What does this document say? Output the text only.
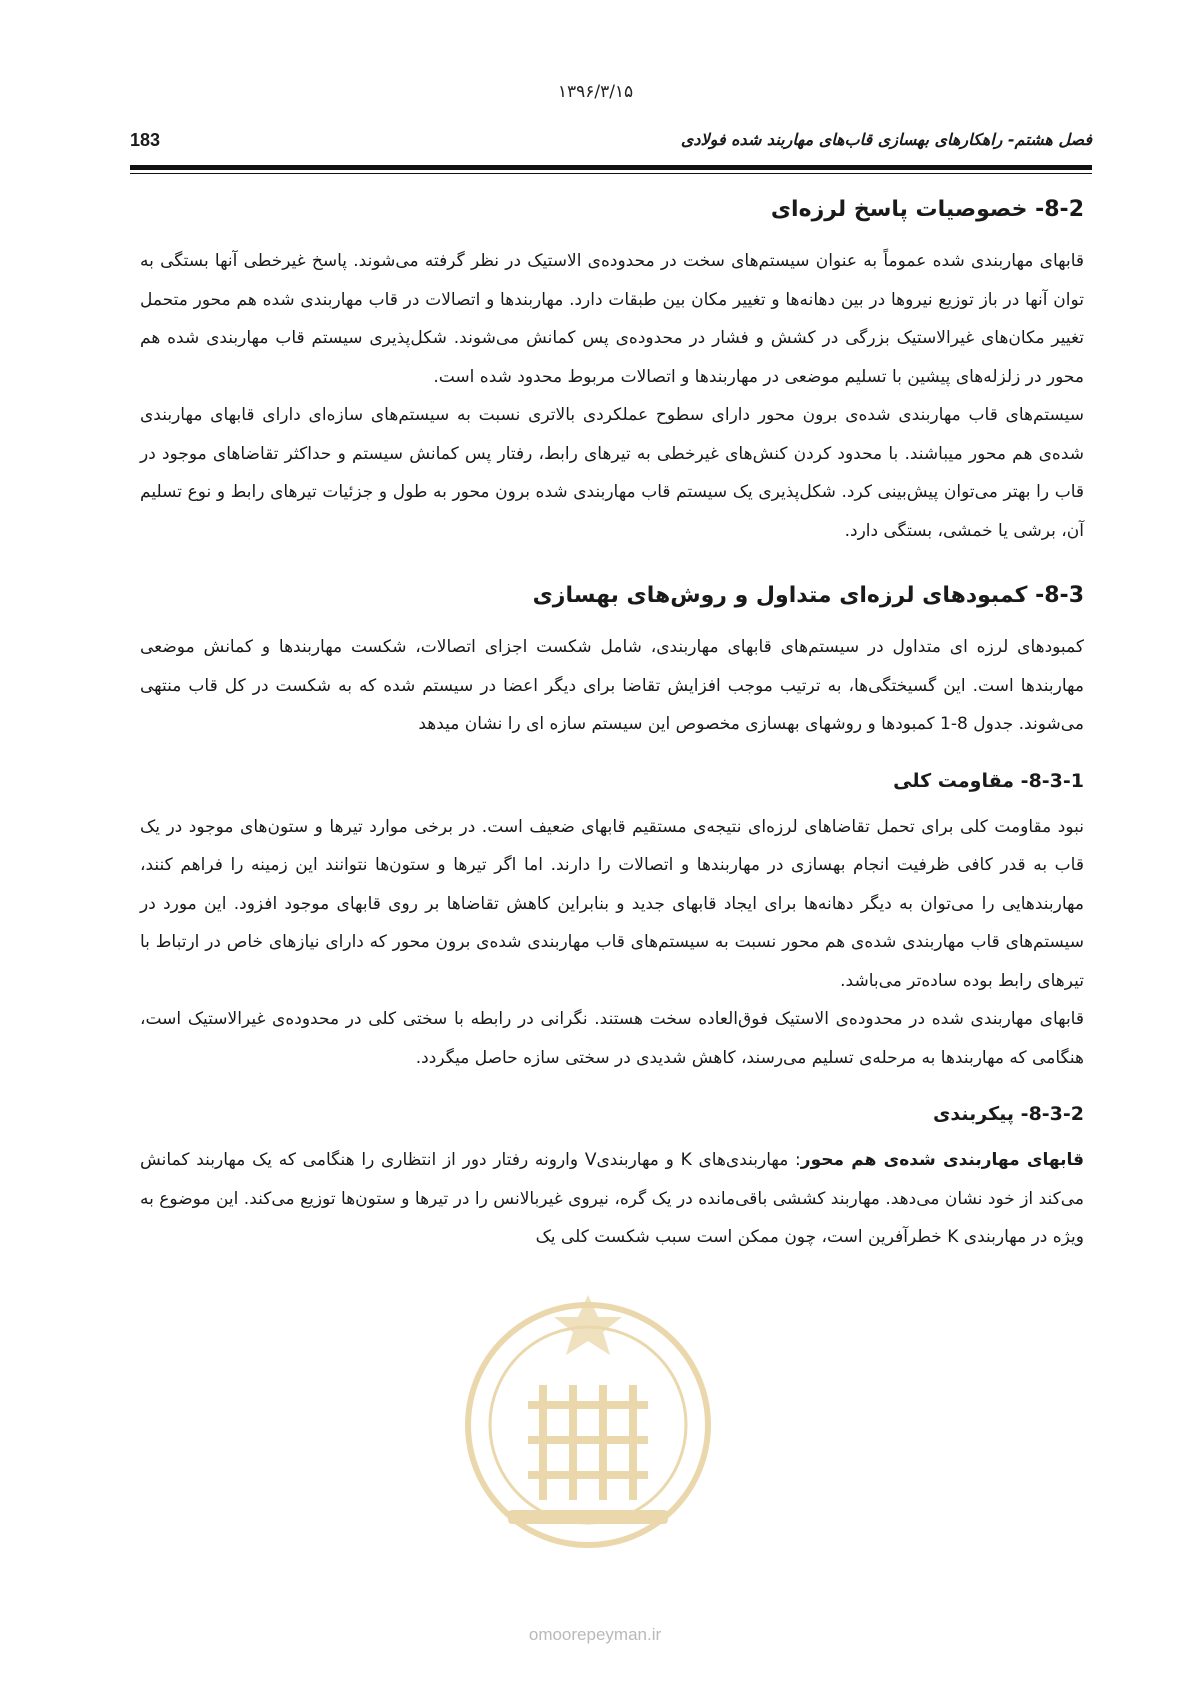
۱۳۹۶/۳/۱۵
183	فصل هشتم- راهکارهای بهسازی قاب‌های مهاربند شده فولادی
8-2- خصوصیات پاسخ لرزه‌ای

قابهای مهاربندی شده عموماً به عنوان سیستم‌های سخت در محدوده‌ی الاستیک در نظر گرفته می‌شوند. پاسخ غیرخطی آنها بستگی به توان آنها در باز توزیع نیروها در بین دهانه‌ها و تغییر مکان بین طبقات دارد. مهاربندها و اتصالات در قاب مهاربندی شده هم محور متحمل تغییر مکان‌های غیرالاستیک بزرگی در کشش و فشار در محدوده‌ی پس کمانش می‌شوند. شکل‌پذیری سیستم قاب مهاربندی شده هم محور در زلزله‌های پیشین با تسلیم موضعی در مهاربندها و اتصالات مربوط محدود شده است.

سیستم‌های قاب مهاربندی شده‌ی برون محور دارای سطوح عملکردی بالاتری نسبت به سیستم‌های سازه‌ای دارای قابهای مهاربندی شده‌ی هم محور میباشند. با محدود کردن کنش‌های غیرخطی به تیرهای رابط، رفتار پس کمانش سیستم و حداکثر تقاضاهای موجود در قاب را بهتر می‌توان پیش‌بینی کرد. شکل‌پذیری یک سیستم قاب مهاربندی شده برون محور به طول و جزئیات تیرهای رابط و نوع تسلیم آن، برشی یا خمشی، بستگی دارد.

8-3- کمبودهای لرزه‌ای متداول و روش‌های بهسازی

کمبودهای لرزه ای متداول در سیستم‌های قابهای مهاربندی، شامل شکست اجزای اتصالات، شکست مهاربندها و کمانش موضعی مهاربندها است. این گسیختگی‌ها، به ترتیب موجب افزایش تقاضا برای دیگر اعضا در سیستم شده که به شکست در کل قاب منتهی می‌شوند. جدول 8-1 کمبودها و روشهای بهسازی مخصوص این سیستم سازه ای را نشان میدهد

8-3-1- مقاومت کلی

نبود مقاومت کلی برای تحمل تقاضاهای لرزه‌ای نتیجه‌ی مستقیم قابهای ضعیف است. در برخی موارد تیرها و ستون‌های موجود در یک قاب به قدر کافی ظرفیت انجام بهسازی در مهاربندها و اتصالات را دارند. اما اگر تیرها و ستون‌ها نتوانند این زمینه را فراهم کنند، مهاربندهایی را می‌توان به دیگر دهانه‌ها برای ایجاد قابهای جدید و بنابراین کاهش تقاضاها بر روی قابهای موجود افزود. این مورد در سیستم‌های قاب مهاربندی شده‌ی هم محور نسبت به سیستم‌های قاب مهاربندی شده‌ی برون محور که دارای نیازهای خاص در ارتباط با تیرهای رابط بوده ساده‌تر می‌باشد.

قابهای مهاربندی شده در محدوده‌ی الاستیک فوق‌العاده سخت هستند. نگرانی در رابطه با سختی کلی در محدوده‌ی غیرالاستیک است، هنگامی که مهاربندها به مرحله‌ی تسلیم می‌رسند، کاهش شدیدی در سختی سازه حاصل میگردد.

8-3-2- پیکربندی

قابهای مهاربندی شده‌ی هم محور: مهاربندی‌های K و مهاربندیV وارونه رفتار دور از انتظاری را هنگامی که یک مهاربند کمانش می‌کند از خود نشان می‌دهد. مهاربند کششی باقی‌مانده در یک گره، نیروی غیربالانس را در تیرها و ستون‌ها توزیع می‌کند. این موضوع به ویژه در مهاربندی K خطرآفرین است، چون ممکن است سبب شکست کلی یک

omoorepeyman.ir
